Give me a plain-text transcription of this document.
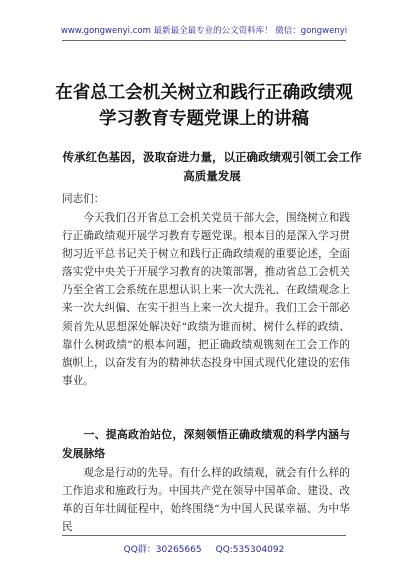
www.gongwenyi.com 最新最全最专业的公文资料库！ 微信：gongwenyi
在省总工会机关树立和践行正确政绩观学习教育专题党课上的讲稿
传承红色基因，汲取奋进力量，以正确政绩观引领工会工作高质量发展
同志们：
今天我们召开省总工会机关党员干部大会，围绕树立和践行正确政绩观开展学习教育专题党课。根本目的是深入学习贯彻习近平总书记关于树立和践行正确政绩观的重要论述，全面落实党中央关于开展学习教育的决策部署，推动省总工会机关乃至全省工会系统在思想认识上来一次大洗礼、在政绩观念上来一次大纠偏、在实干担当上来一次大提升。我们工会干部必须首先从思想深处解决好“政绩为谁而树、树什么样的政绩、靠什么树政绩”的根本问题，把正确政绩观镌刻在工会工作的旗帜上，以奋发有为的精神状态投身中国式现代化建设的宏伟事业。
一、提高政治站位，深刻领悟正确政绩观的科学内涵与发展脉络
观念是行动的先导。有什么样的政绩观，就会有什么样的工作追求和施政行为。中国共产党在领导中国革命、建设、改革的百年壮阔征程中，始终围绕“为中国人民谋幸福、为中华民
QQ群：30265665 QQ:535304092
